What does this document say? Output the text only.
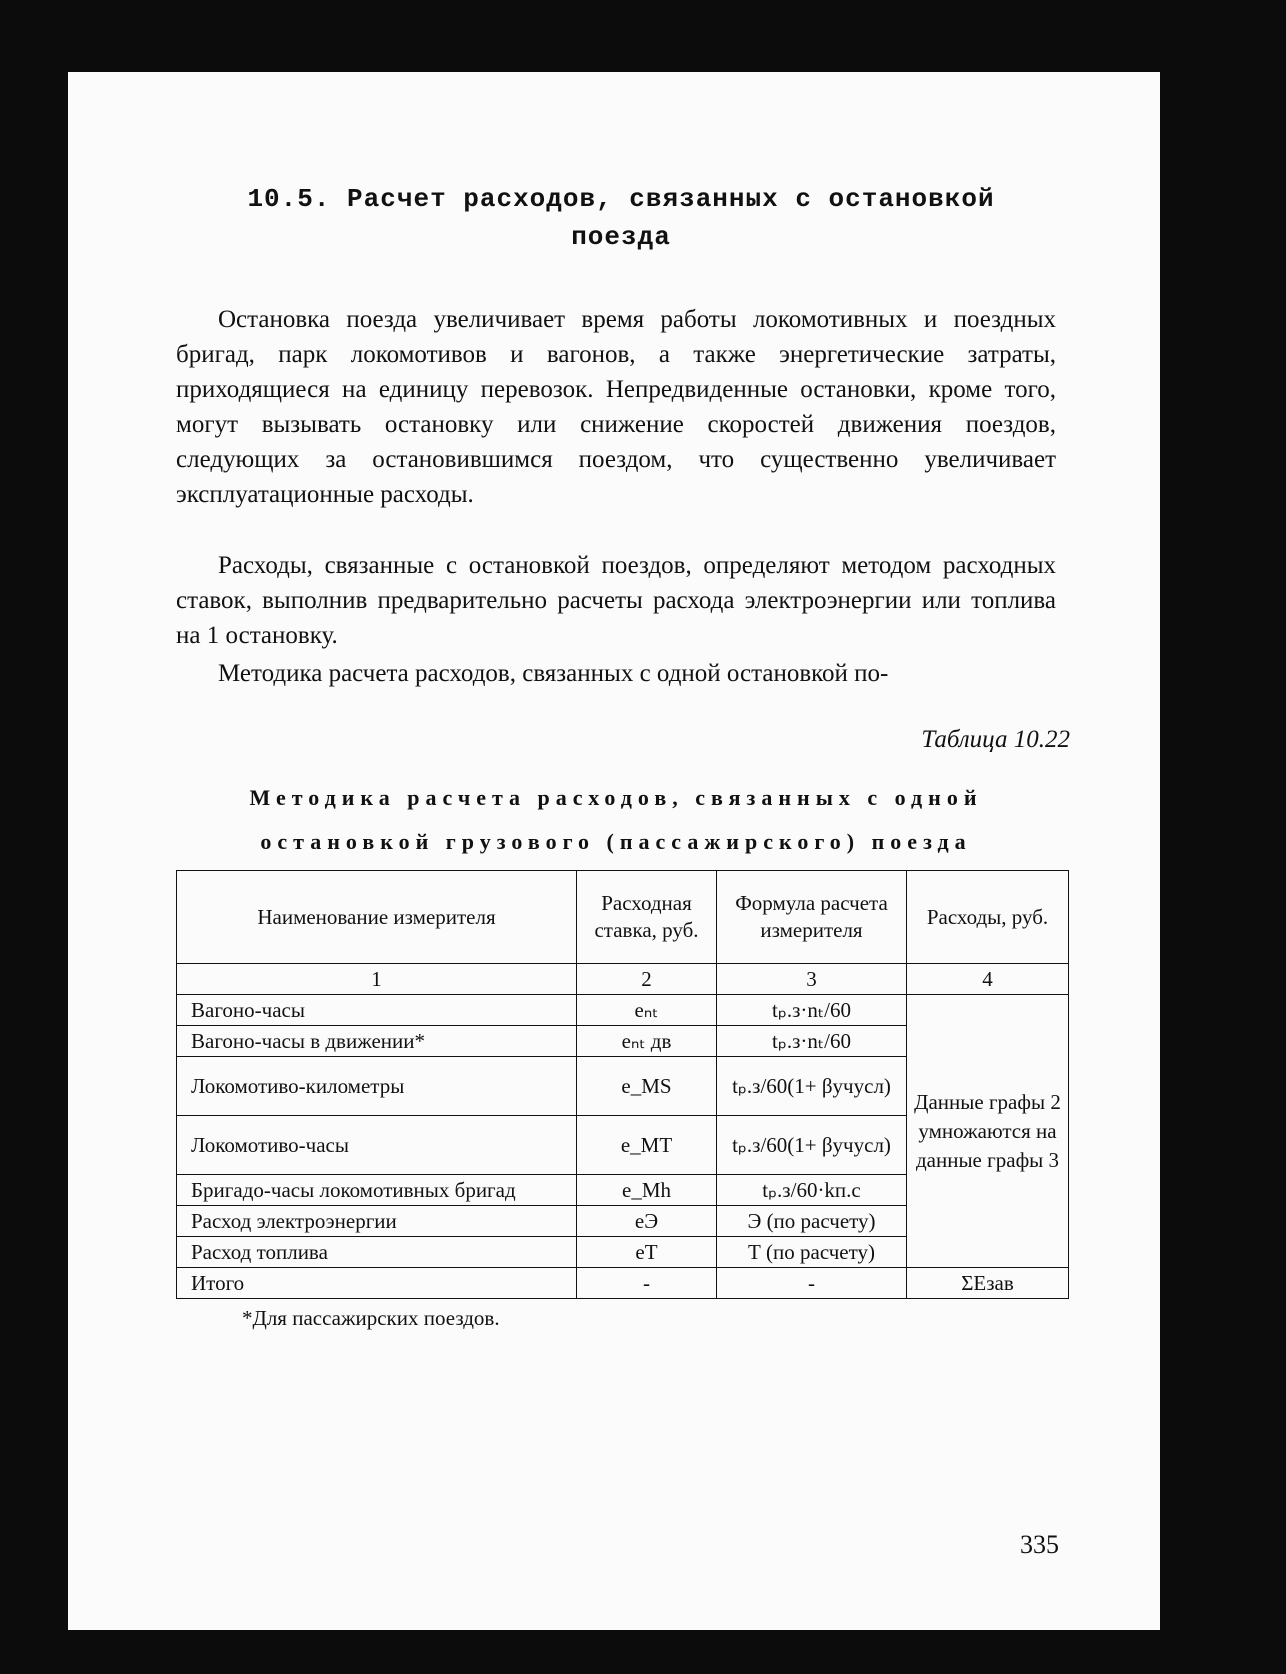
10.5. Расчет расходов, связанных с остановкой
поезда
Остановка поезда увеличивает время работы локомотивных и поездных бригад, парк локомотивов и вагонов, а также энергетические затраты, приходящиеся на единицу перевозок. Непредвиденные остановки, кроме того, могут вызывать остановку или снижение скоростей движения поездов, следующих за остановившимся поездом, что существенно увеличивает эксплуатационные расходы.
Расходы, связанные с остановкой поездов, определяют методом расходных ставок, выполнив предварительно расчеты расхода электроэнергии или топлива на 1 остановку.
Методика расчета расходов, связанных с одной остановкой по-
Таблица 10.22
Методика расчета расходов, связанных с одной
остановкой грузового (пассажирского) поезда
Наименование измерителя	Расходная ставка, руб.	Формула расчета измерителя	Расходы, руб.
1	2	3	4
Вагоно-часы	eₙₜ	tₚ.з·nₜ/60	Данные графы 2 умножаются на данные графы 3
Вагоно-часы в движении*	eₙₜ дв	tₚ.з·nₜ/60	
Локомотиво-километры	e_MS	tₚ.з/60(1+ βучусл)	
Локомотиво-часы	e_MT	tₚ.з/60(1+ βучусл)	
Бригадо-часы локомотивных бригад	e_Mh	tₚ.з/60·kп.с	
Расход электроэнергии	eЭ	Э (по расчету)	
Расход топлива	eТ	Т (по расчету)	
Итого	-	-	ΣEзав
*Для пассажирских поездов.
335
